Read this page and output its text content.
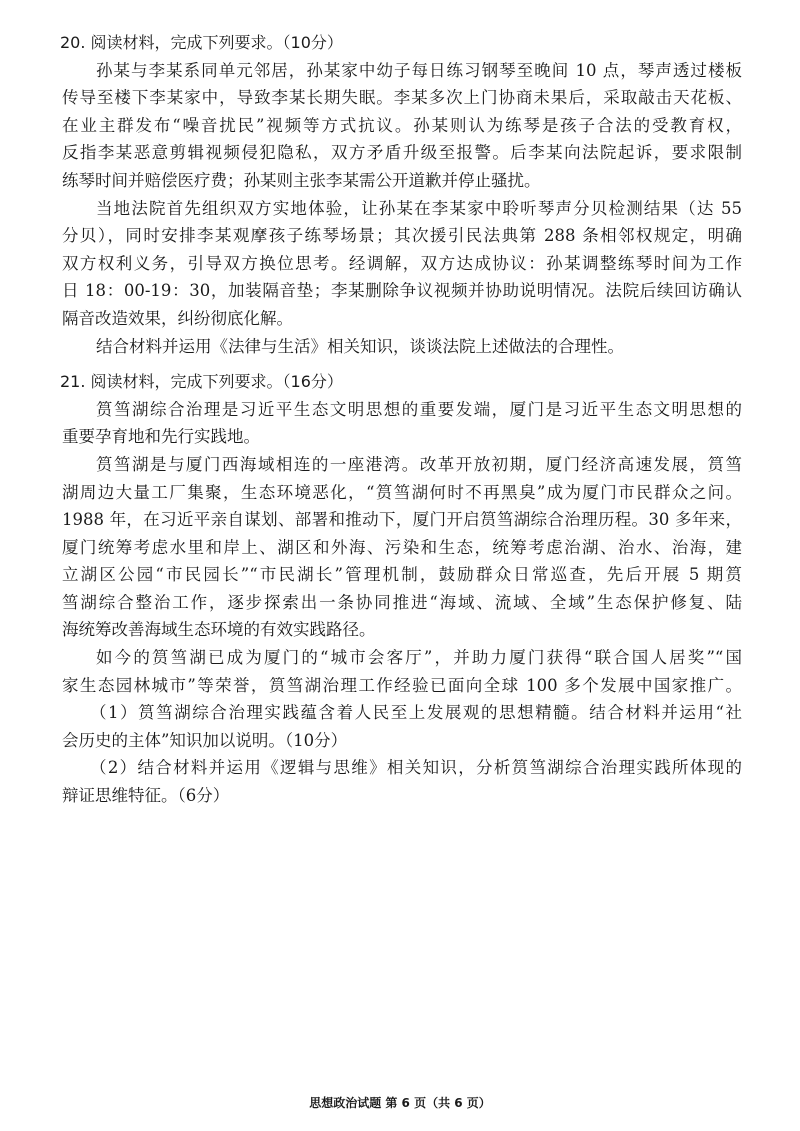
20. 阅读材料，完成下列要求。（10分）
孙某与李某系同单元邻居，孙某家中幼子每日练习钢琴至晚间 10 点，琴声透过楼板
传导至楼下李某家中，导致李某长期失眠。李某多次上门协商未果后，采取敲击天花板、
在业主群发布“噪音扰民”视频等方式抗议。孙某则认为练琴是孩子合法的受教育权，
反指李某恶意剪辑视频侵犯隐私，双方矛盾升级至报警。后李某向法院起诉，要求限制
练琴时间并赔偿医疗费；孙某则主张李某需公开道歉并停止骚扰。
当地法院首先组织双方实地体验，让孙某在李某家中聆听琴声分贝检测结果（达 55
分贝），同时安排李某观摩孩子练琴场景；其次援引民法典第 288 条相邻权规定，明确
双方权利义务，引导双方换位思考。经调解，双方达成协议：孙某调整练琴时间为工作
日 18：00-19：30，加装隔音垫；李某删除争议视频并协助说明情况。法院后续回访确认
隔音改造效果，纠纷彻底化解。
结合材料并运用《法律与生活》相关知识，谈谈法院上述做法的合理性。
21. 阅读材料，完成下列要求。（16分）
筼筜湖综合治理是习近平生态文明思想的重要发端，厦门是习近平生态文明思想的
重要孕育地和先行实践地。
筼筜湖是与厦门西海域相连的一座港湾。改革开放初期，厦门经济高速发展，筼筜
湖周边大量工厂集聚，生态环境恶化，“筼筜湖何时不再黑臭”成为厦门市民群众之问。
1988 年，在习近平亲自谋划、部署和推动下，厦门开启筼筜湖综合治理历程。30 多年来，
厦门统筹考虑水里和岸上、湖区和外海、污染和生态，统筹考虑治湖、治水、治海，建
立湖区公园“市民园长”“市民湖长”管理机制，鼓励群众日常巡查，先后开展 5 期筼
筜湖综合整治工作，逐步探索出一条协同推进“海域、流域、全域”生态保护修复、陆
海统筹改善海域生态环境的有效实践路径。
如今的筼筜湖已成为厦门的“城市会客厅”，并助力厦门获得“联合国人居奖”“国
家生态园林城市”等荣誉，筼筜湖治理工作经验已面向全球 100 多个发展中国家推广。
（1）筼筜湖综合治理实践蕴含着人民至上发展观的思想精髓。结合材料并运用“社
会历史的主体”知识加以说明。（10分）
（2）结合材料并运用《逻辑与思维》相关知识，分析筼筜湖综合治理实践所体现的
辩证思维特征。（6分）
思想政治试题 第 6 页（共 6 页）
